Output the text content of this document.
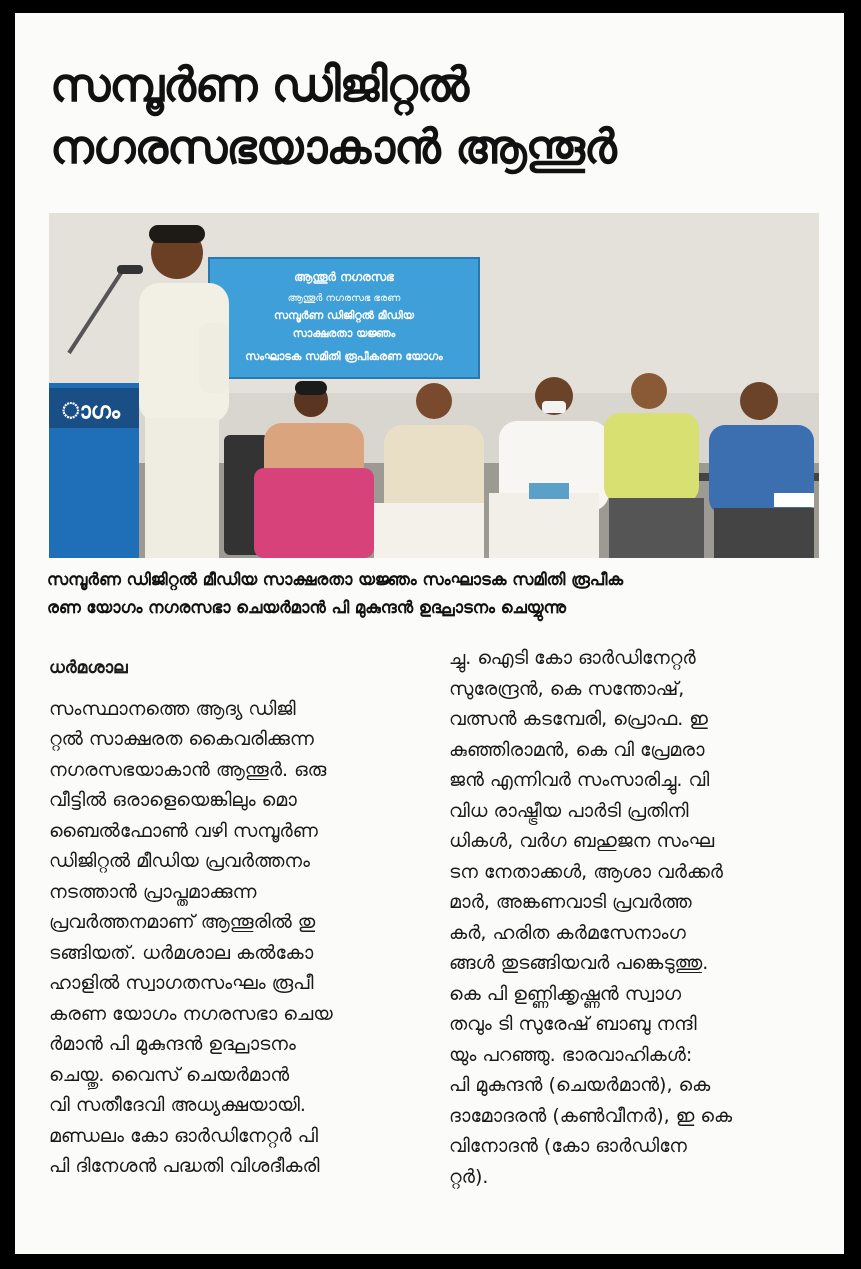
സമ്പൂർണ ഡിജിറ്റൽ
നഗരസഭയാകാൻ ആന്തൂർ
ആന്തൂർ നഗരസഭ
ആന്തൂർ നഗരസഭ ഭരണ
സമ്പൂർണ ഡിജിറ്റൽ മീഡിയ
സാക്ഷരതാ യജ്ഞം
സംഘാടക സമിതി രൂപീകരണ യോഗം
ാഗം

സമ്പൂർണ ഡിജിറ്റൽ മീഡിയ സാക്ഷരതാ യജ്ഞം സംഘാടക സമിതി രൂപീക
രണ യോഗം നഗരസഭാ ചെയർമാൻ പി മുകുന്ദൻ ഉദ്ഘാടനം ചെയ്യുന്നു

ധർമശാല
സംസ്ഥാനത്തെ ആദ്യ ഡിജി
റ്റൽ സാക്ഷരത കൈവരിക്കുന്ന
നഗരസഭയാകാൻ ആന്തൂർ. ഒരു
വീട്ടിൽ ഒരാളെയെങ്കിലും മൊ
ബൈൽഫോൺ വഴി സമ്പൂർണ
ഡിജിറ്റൽ മീഡിയ പ്രവർത്തനം
നടത്താൻ പ്രാപ്തമാക്കുന്ന
പ്രവർത്തനമാണ് ആന്തൂരിൽ തു
ടങ്ങിയത്. ധർമശാല കൽകോ
ഹാളിൽ സ്വാഗതസംഘം രൂപീ
കരണ യോഗം നഗരസഭാ ചെയ
ർമാൻ പി മുകുന്ദൻ ഉദ്ഘാടനം
ചെയ്തു. വൈസ് ചെയർമാൻ
വി സതീദേവി അധ്യക്ഷയായി.
മണ്ഡലം കോ ഓർഡിനേറ്റർ പി
പി ദിനേശൻ പദ്ധതി വിശദീകരി
ച്ചു. ഐടി കോ ഓർഡിനേറ്റർ
സുരേന്ദ്രൻ, കെ സന്തോഷ്,
വത്സൻ കടമ്പേരി, പ്രൊഫ. ഇ
കുഞ്ഞിരാമൻ, കെ വി പ്രേമരാ
ജൻ എന്നിവർ സംസാരിച്ചു. വി
വിധ രാഷ്ട്രീയ പാർടി പ്രതിനി
ധികൾ, വർഗ ബഹുജന സംഘ
ടന നേതാക്കൾ, ആശാ വർക്കർ
മാർ, അങ്കണവാടി പ്രവർത്ത
കർ, ഹരിത കർമസേനാംഗ
ങ്ങൾ തുടങ്ങിയവർ പങ്കെടുത്തു.
കെ പി ഉണ്ണിക്കൃഷ്ണൻ സ്വാഗ
തവും ടി സുരേഷ് ബാബു നന്ദി
യും പറഞ്ഞു. ഭാരവാഹികൾ:
പി മുകുന്ദൻ (ചെയർമാൻ), കെ
ദാമോദരൻ (കൺവീനർ), ഇ കെ
വിനോദൻ (കോ ഓർഡിനേ
റ്റർ).
